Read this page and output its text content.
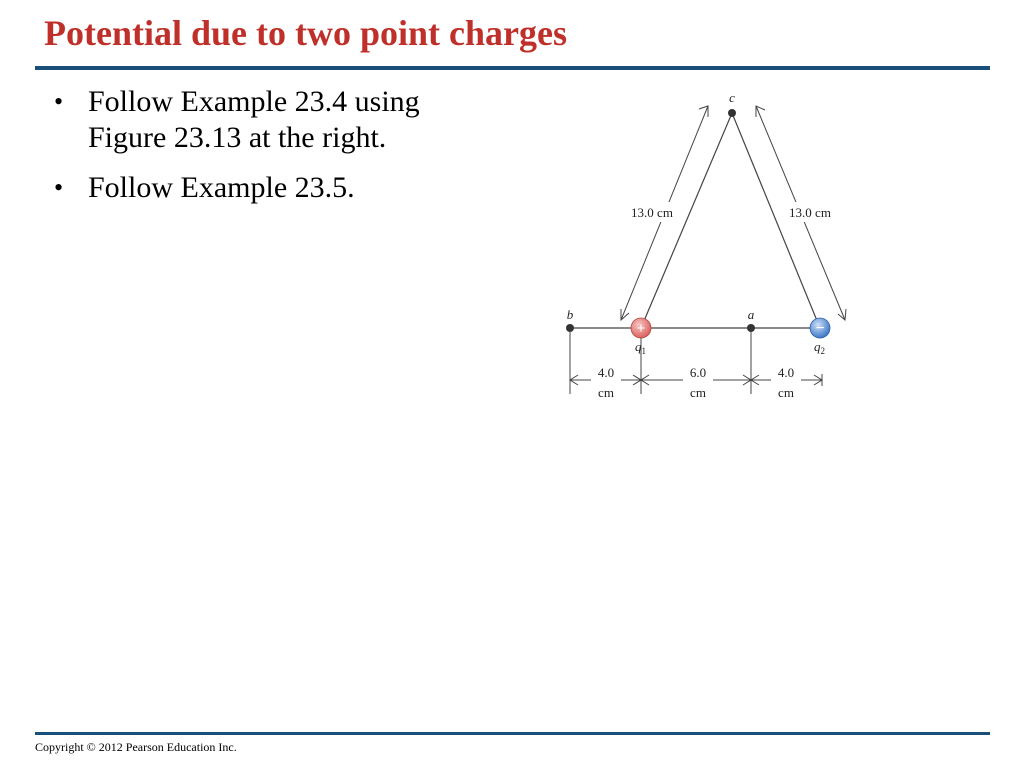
Potential due to two point charges
• Follow Example 23.4 using Figure 23.13 at the right.
• Follow Example 23.5.
13.0 cm	13.0 cm
c
b	a
+	−
$q_1$	$q_2$
4.0
cm
6.0
cm
4.0
cm
Copyright © 2012 Pearson Education Inc.
